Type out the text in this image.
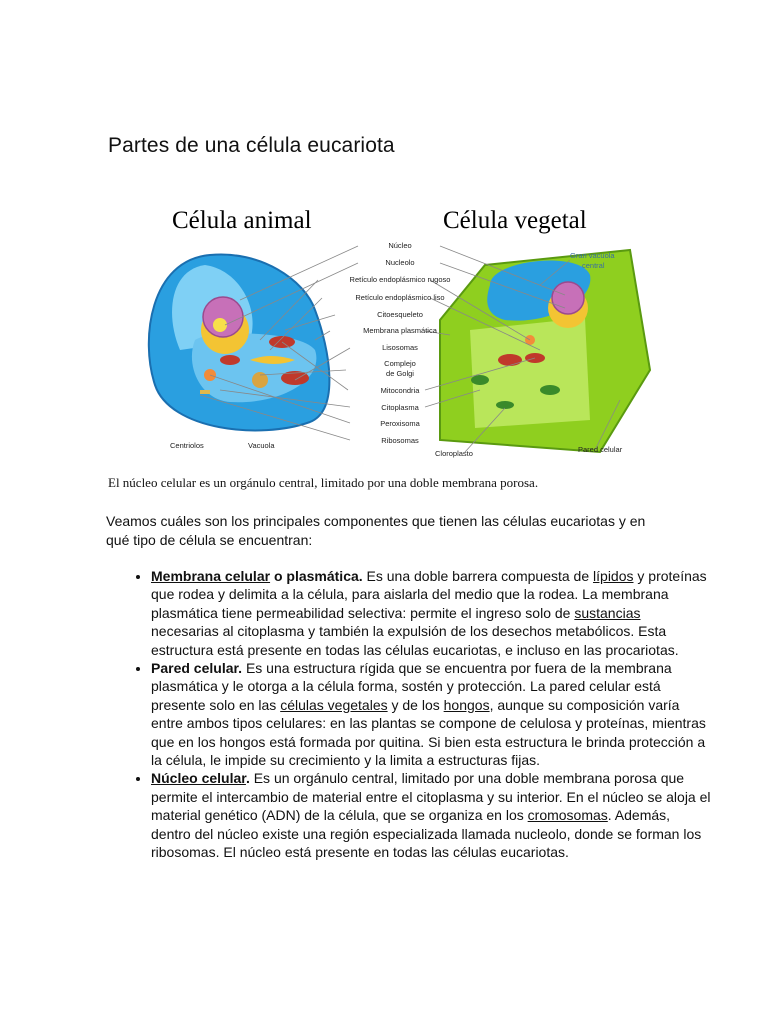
Partes de una célula eucariota
Célula animal	Célula vegetal
Núcleo
Nucleolo
Retículo endoplásmico rugoso
Retículo endoplásmico liso
Citoesqueleto
Membrana plasmática
Lisosomas
Complejo
de Golgi
Mitocondria
Citoplasma
Peroxisoma
Ribosomas
Centriolos	Vacuola
Gran vacuola
central
Pared celular
Cloroplasto
El núcleo celular es un orgánulo central, limitado por una doble membrana porosa.

Veamos cuáles son los principales componentes que tienen las células eucariotas y en qué tipo de célula se encuentran:

• Membrana celular o plasmática. Es una doble barrera compuesta de lípidos y proteínas que rodea y delimita a la célula, para aislarla del medio que la rodea. La membrana plasmática tiene permeabilidad selectiva: permite el ingreso solo de sustancias necesarias al citoplasma y también la expulsión de los desechos metabólicos. Esta estructura está presente en todas las células eucariotas, e incluso en las procariotas.
• Pared celular. Es una estructura rígida que se encuentra por fuera de la membrana plasmática y le otorga a la célula forma, sostén y protección. La pared celular está presente solo en las células vegetales y de los hongos, aunque su composición varía entre ambos tipos celulares: en las plantas se compone de celulosa y proteínas, mientras que en los hongos está formada por quitina. Si bien esta estructura le brinda protección a la célula, le impide su crecimiento y la limita a estructuras fijas.
• Núcleo celular. Es un orgánulo central, limitado por una doble membrana porosa que permite el intercambio de material entre el citoplasma y su interior. En el núcleo se aloja el material genético (ADN) de la célula, que se organiza en los cromosomas. Además, dentro del núcleo existe una región especializada llamada nucleolo, donde se forman los ribosomas. El núcleo está presente en todas las células eucariotas.
